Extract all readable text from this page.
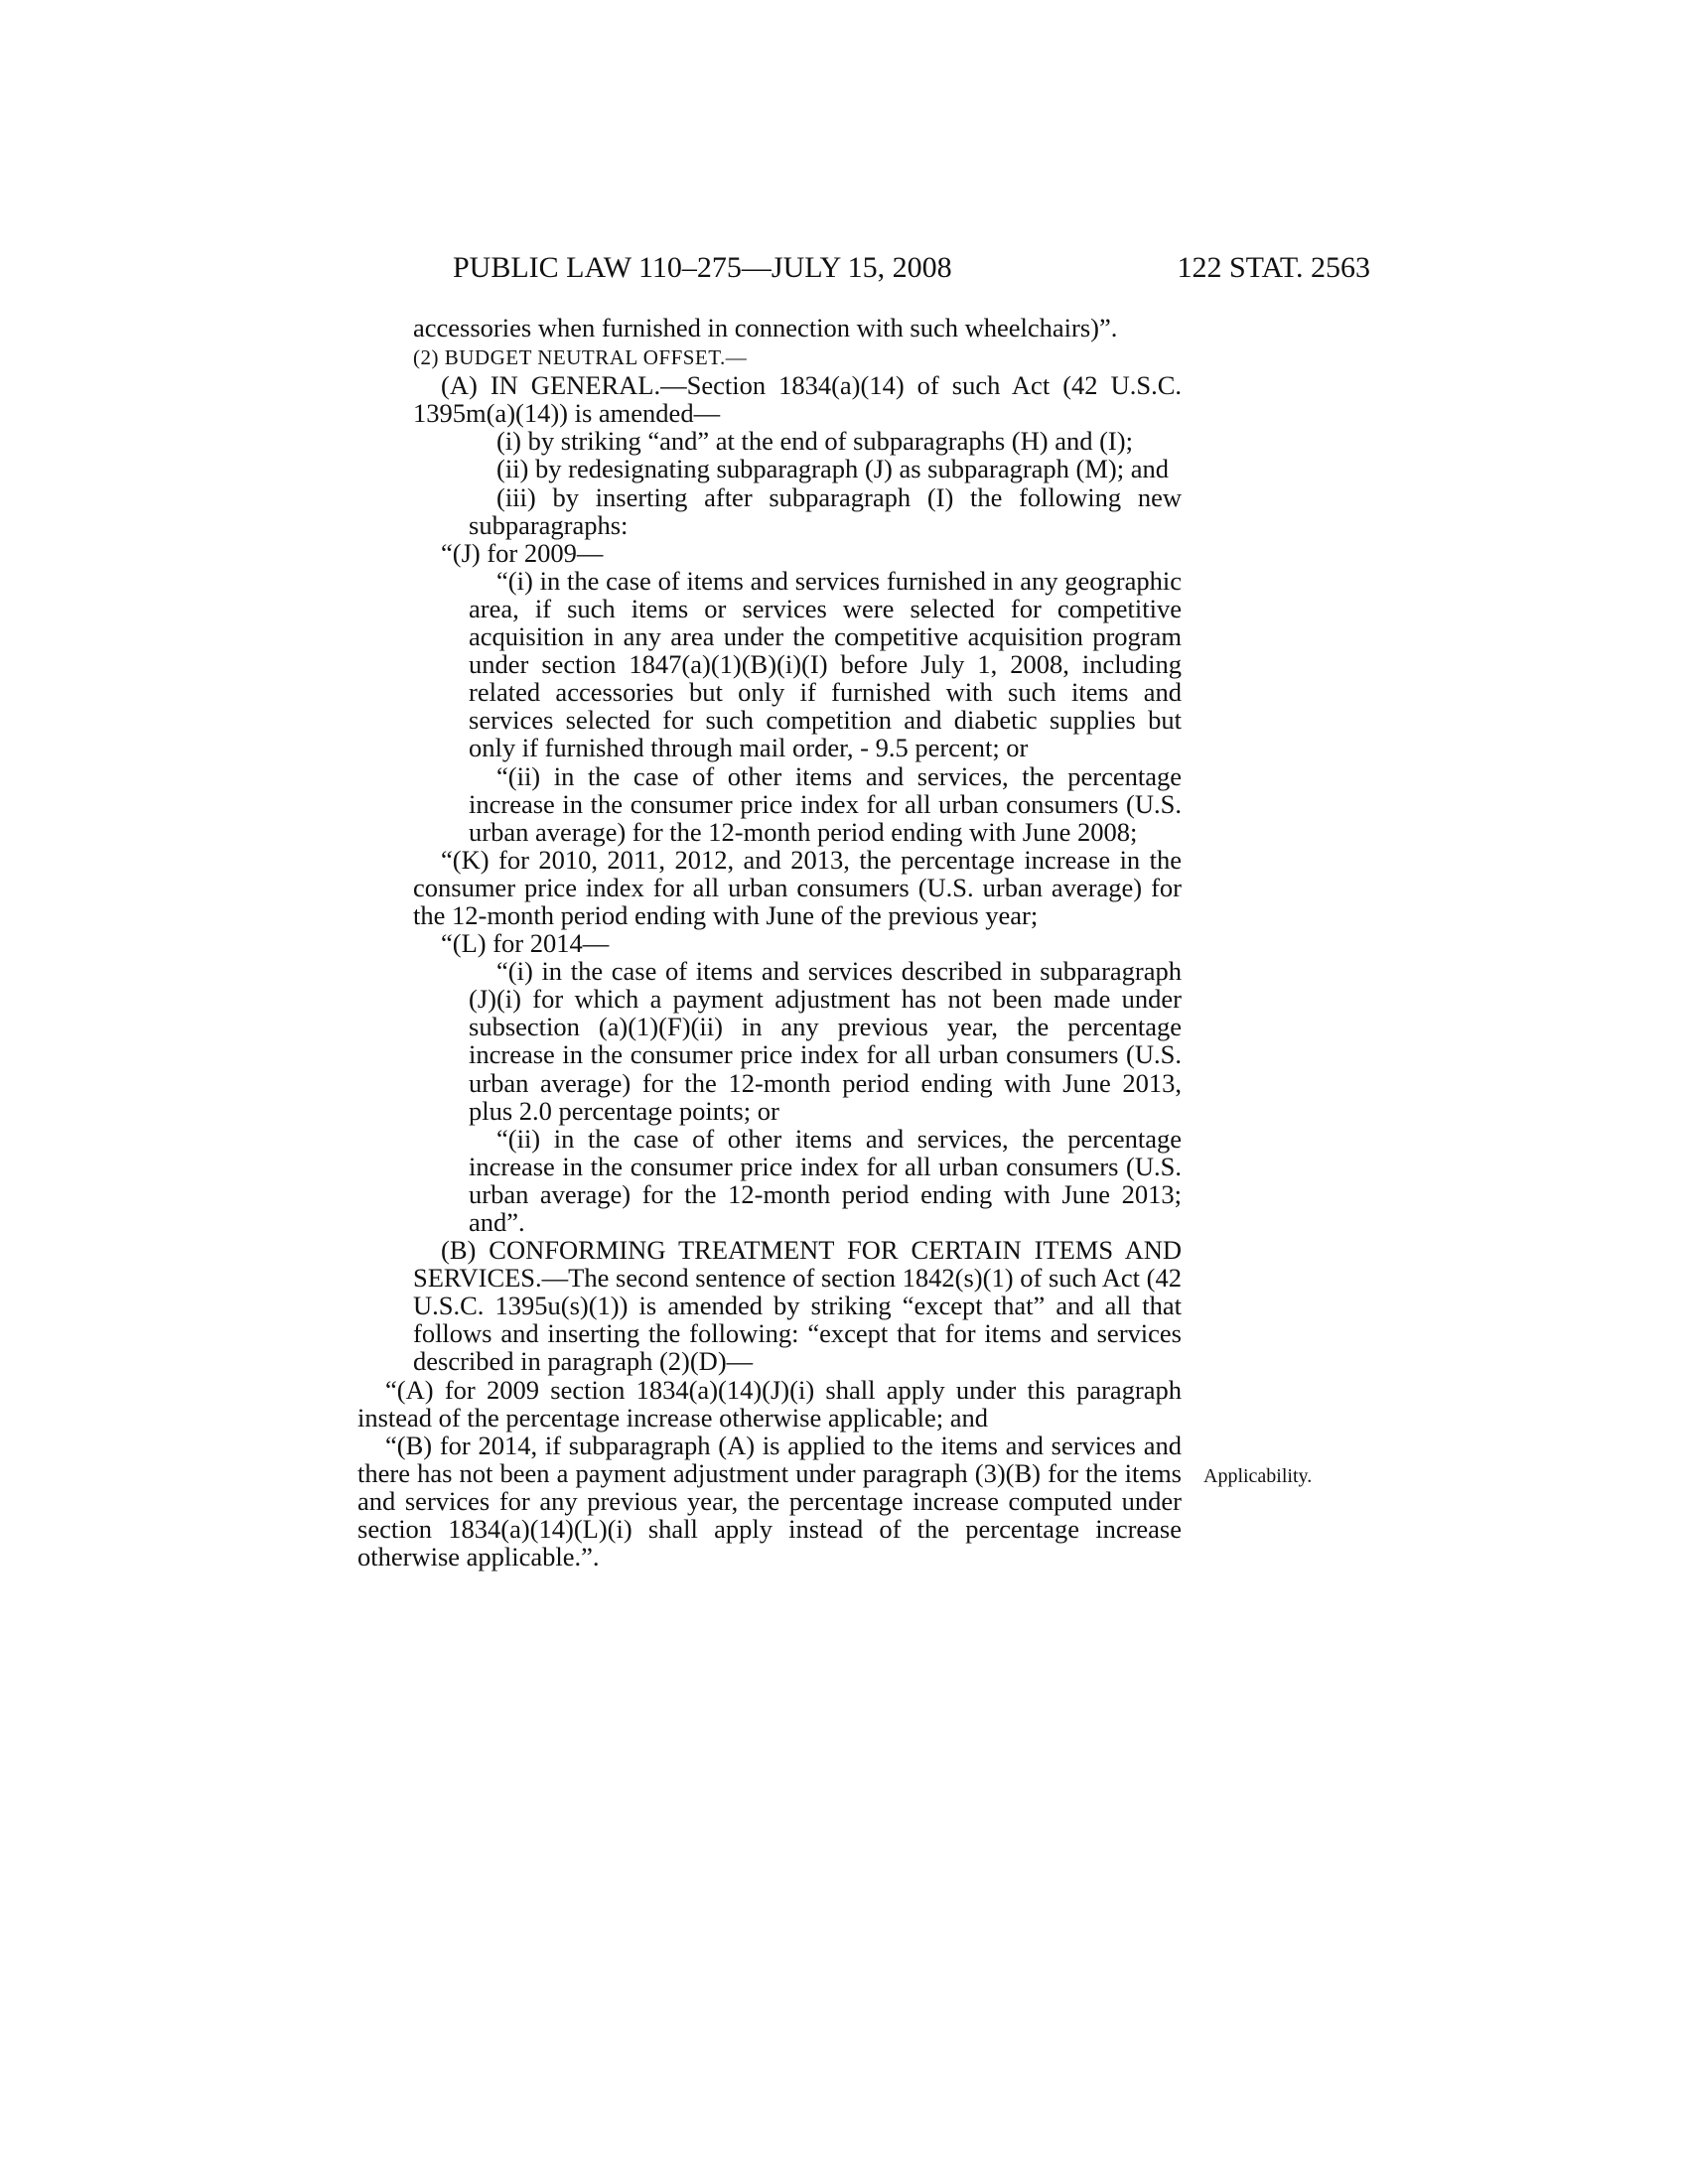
PUBLIC LAW 110–275—JULY 15, 2008	122 STAT. 2563

accessories when furnished in connection with such wheelchairs)”.

(2) BUDGET NEUTRAL OFFSET.—

(A) IN GENERAL.—Section 1834(a)(14) of such Act (42 U.S.C. 1395m(a)(14)) is amended—

(i) by striking “and” at the end of subparagraphs (H) and (I);

(ii) by redesignating subparagraph (J) as subparagraph (M); and

(iii) by inserting after subparagraph (I) the following new subparagraphs:

“(J) for 2009—

“(i) in the case of items and services furnished in any geographic area, if such items or services were selected for competitive acquisition in any area under the competitive acquisition program under section 1847(a)(1)(B)(i)(I) before July 1, 2008, including related accessories but only if furnished with such items and services selected for such competition and diabetic supplies but only if furnished through mail order, - 9.5 percent; or

“(ii) in the case of other items and services, the percentage increase in the consumer price index for all urban consumers (U.S. urban average) for the 12-month period ending with June 2008;

“(K) for 2010, 2011, 2012, and 2013, the percentage increase in the consumer price index for all urban consumers (U.S. urban average) for the 12-month period ending with June of the previous year;

“(L) for 2014—

“(i) in the case of items and services described in subparagraph (J)(i) for which a payment adjustment has not been made under subsection (a)(1)(F)(ii) in any previous year, the percentage increase in the consumer price index for all urban consumers (U.S. urban average) for the 12-month period ending with June 2013, plus 2.0 percentage points; or

“(ii) in the case of other items and services, the percentage increase in the consumer price index for all urban consumers (U.S. urban average) for the 12-month period ending with June 2013; and”.

(B) CONFORMING TREATMENT FOR CERTAIN ITEMS AND SERVICES.—The second sentence of section 1842(s)(1) of such Act (42 U.S.C. 1395u(s)(1)) is amended by striking “except that” and all that follows and inserting the following: “except that for items and services described in paragraph (2)(D)—

“(A) for 2009 section 1834(a)(14)(J)(i) shall apply under this paragraph instead of the percentage increase otherwise applicable; and

“(B) for 2014, if subparagraph (A) is applied to the items and services and there has not been a payment adjustment under paragraph (3)(B) for the items and services for any previous year, the percentage increase computed under section 1834(a)(14)(L)(i) shall apply instead of the percentage increase otherwise applicable.”.

Applicability.
